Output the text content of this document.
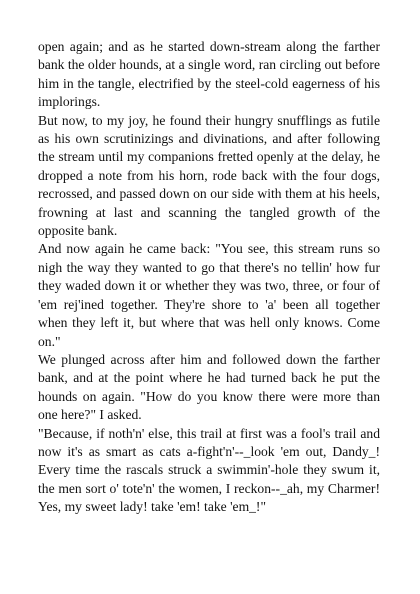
open again; and as he started down-stream along the farther bank the older hounds, at a single word, ran circling out before him in the tangle, electrified by the steel-cold eagerness of his implorings.

But now, to my joy, he found their hungry snufflings as futile as his own scrutinizings and divinations, and after following the stream until my companions fretted openly at the delay, he dropped a note from his horn, rode back with the four dogs, recrossed, and passed down on our side with them at his heels, frowning at last and scanning the tangled growth of the opposite bank.

And now again he came back: "You see, this stream runs so nigh the way they wanted to go that there's no tellin' how fur they waded down it or whether they was two, three, or four of 'em rej'ined together. They're shore to 'a' been all together when they left it, but where that was hell only knows. Come on."

We plunged across after him and followed down the farther bank, and at the point where he had turned back he put the hounds on again. "How do you know there were more than one here?" I asked.

"Because, if noth'n' else, this trail at first was a fool's trail and now it's as smart as cats a-fight'n'--_look 'em out, Dandy_! Every time the rascals struck a swimmin'-hole they swum it, the men sort o' tote'n' the women, I reckon--_ah, my Charmer! Yes, my sweet lady! take 'em! take 'em_!"
